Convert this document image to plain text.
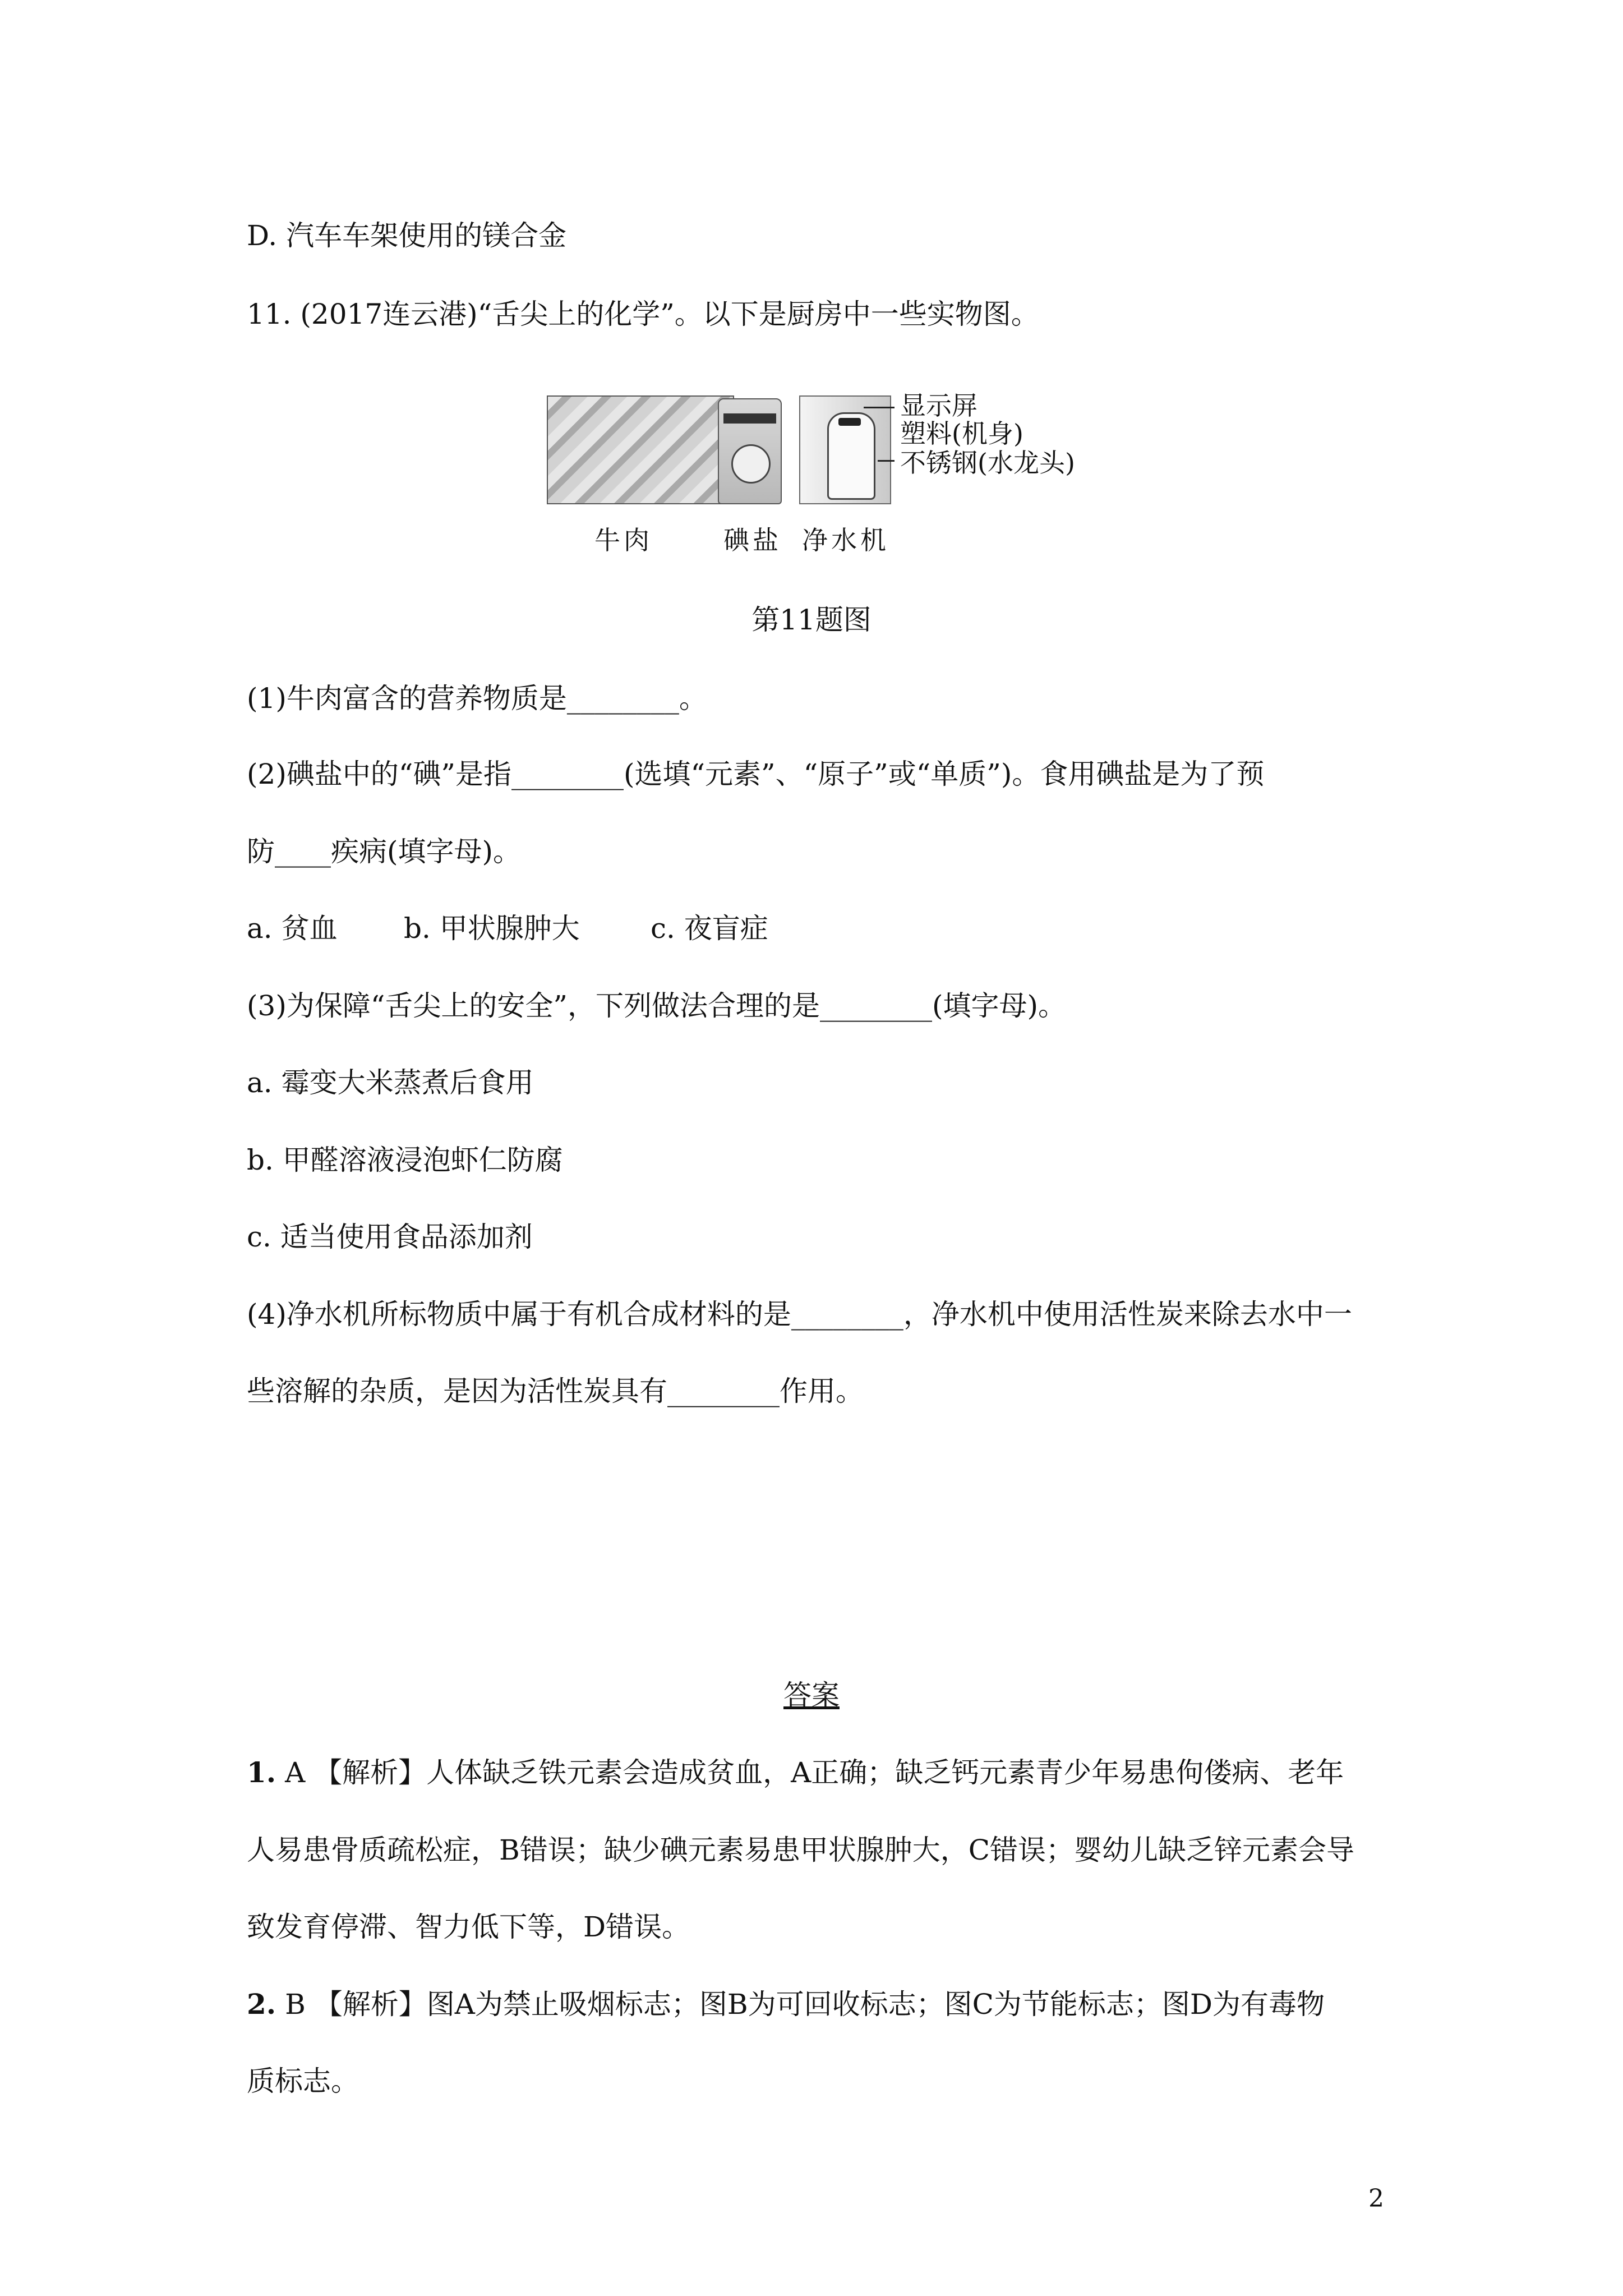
D. 汽车车架使用的镁合金
11. (2017连云港)“舌尖上的化学”。以下是厨房中一些实物图。
显示屏
塑料(机身)
不锈钢(水龙头)
牛肉	碘盐 净水机
第11题图
(1)牛肉富含的营养物质是________。
(2)碘盐中的“碘”是指________(选填“元素”、“原子”或“单质”)。食用碘盐是为了预
防____疾病(填字母)。
a. 贫血 b. 甲状腺肿大	c. 夜盲症
(3)为保障“舌尖上的安全”，下列做法合理的是________(填字母)。
a. 霉变大米蒸煮后食用
b. 甲醛溶液浸泡虾仁防腐
c. 适当使用食品添加剂
(4)净水机所标物质中属于有机合成材料的是________，净水机中使用活性炭来除去水中一
些溶解的杂质，是因为活性炭具有________作用。
答案
1. A 【解析】人体缺乏铁元素会造成贫血，A正确；缺乏钙元素青少年易患佝偻病、老年
人易患骨质疏松症，B错误；缺少碘元素易患甲状腺肿大，C错误；婴幼儿缺乏锌元素会导
致发育停滞、智力低下等，D错误。
2. B 【解析】图A为禁止吸烟标志；图B为可回收标志；图C为节能标志；图D为有毒物
质标志。
2
